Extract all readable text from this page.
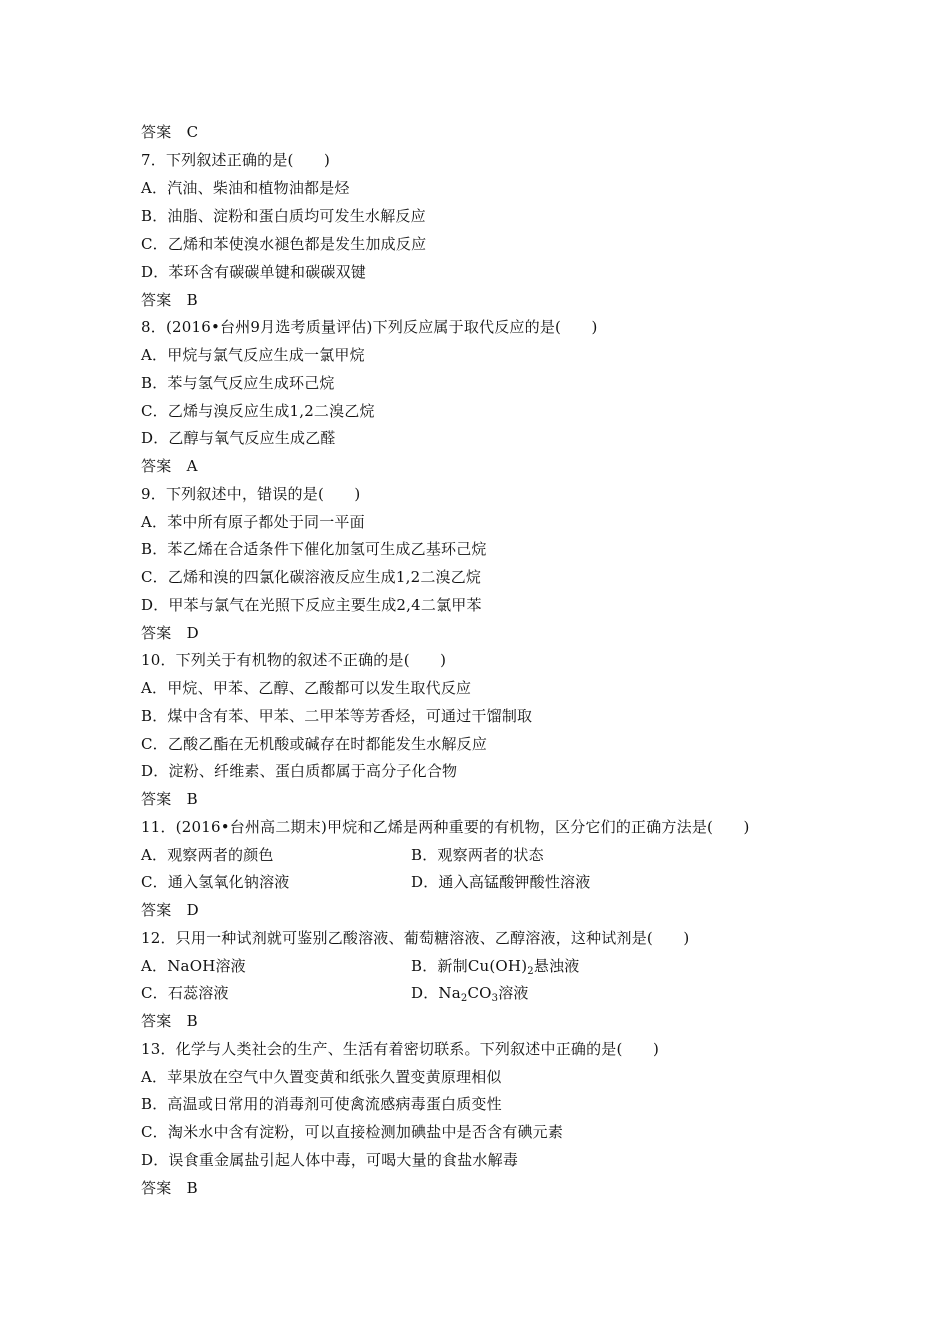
答案　C
7．下列叙述正确的是(　　)
A．汽油、柴油和植物油都是烃
B．油脂、淀粉和蛋白质均可发生水解反应
C．乙烯和苯使溴水褪色都是发生加成反应
D．苯环含有碳碳单键和碳碳双键
答案　B
8．(2016•台州9月选考质量评估)下列反应属于取代反应的是(　　)
A．甲烷与氯气反应生成一氯甲烷
B．苯与氢气反应生成环己烷
C．乙烯与溴反应生成1,2二溴乙烷
D．乙醇与氧气反应生成乙醛
答案　A
9．下列叙述中，错误的是(　　)
A．苯中所有原子都处于同一平面
B．苯乙烯在合适条件下催化加氢可生成乙基环己烷
C．乙烯和溴的四氯化碳溶液反应生成1,2二溴乙烷
D．甲苯与氯气在光照下反应主要生成2,4二氯甲苯
答案　D
10．下列关于有机物的叙述不正确的是(　　)
A．甲烷、甲苯、乙醇、乙酸都可以发生取代反应
B．煤中含有苯、甲苯、二甲苯等芳香烃，可通过干馏制取
C．乙酸乙酯在无机酸或碱存在时都能发生水解反应
D．淀粉、纤维素、蛋白质都属于高分子化合物
答案　B
11．(2016•台州高二期末)甲烷和乙烯是两种重要的有机物，区分它们的正确方法是(　　)
A．观察两者的颜色	B．观察两者的状态
C．通入氢氧化钠溶液	D．通入高锰酸钾酸性溶液
答案　D
12．只用一种试剂就可鉴别乙酸溶液、葡萄糖溶液、乙醇溶液，这种试剂是(　　)
A．NaOH溶液	B．新制$Cu(OH)_2$悬浊液
C．石蕊溶液	D．$Na_2CO_3$溶液
答案　B
13．化学与人类社会的生产、生活有着密切联系。下列叙述中正确的是(　　)
A．苹果放在空气中久置变黄和纸张久置变黄原理相似
B．高温或日常用的消毒剂可使禽流感病毒蛋白质变性
C．淘米水中含有淀粉，可以直接检测加碘盐中是否含有碘元素
D．误食重金属盐引起人体中毒，可喝大量的食盐水解毒
答案　B
